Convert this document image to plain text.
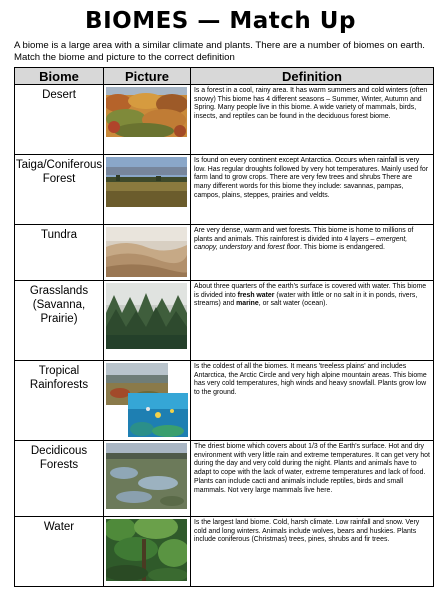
BIOMES — Match Up
A biome is a large area with a similar climate and plants. There are a number of biomes on earth. Match the biome and picture to the correct definition
Biome	Picture	Definition
Desert		Is a forest in a cool, rainy area. It has warm summers and cold winters (often snowy) This biome has 4 different seasons – Summer, Winter, Autumn and Spring. Many people live in this biome. A wide variety of mammals, birds, insects, and reptiles can be found in the deciduous forest biome.
Taiga/Coniferous Forest		Is found on every continent except Antarctica. Occurs when rainfall is very low. Has regular droughts followed by very hot temperatures. Mainly used for farm land to grow crops. There are very few trees and shrubs There are many different words for this biome they include: savannas, pampas, campos, plains, steppes, prairies and veldts.
Tundra		Are very dense, warm and wet forests. This biome is home to millions of plants and animals. This rainforest is divided into 4 layers – emergent, canopy, understory and forest floor. This biome is endangered.
Grasslands (Savanna, Prairie)		About three quarters of the earth's surface is covered with water. This biome is divided into fresh water (water with little or no salt in it in ponds, rivers, streams) and marine, or salt water (ocean).
Tropical Rainforests		Is the coldest of all the biomes. It means 'treeless plains' and includes Antarctica, the Arctic Circle and very high alpine mountain areas. This biome has very cold temperatures, high winds and heavy snowfall. Plants grow low to the ground.
Decidicous Forests		The driest biome which covers about 1/3 of the Earth's surface. Hot and dry environment with very little rain and extreme temperatures. It can get very hot during the day and very cold during the night. Plants and animals have to adapt to cope with the lack of water, extreme temperatures and lack of food. Plants can include cacti and animals include reptiles, birds and small mammals. Not very large mammals live here.
Water		Is the largest land biome. Cold, harsh climate. Low rainfall and snow. Very cold and long winters. Animals include wolves, bears and huskies. Plants include coniferous (Christmas) trees, pines, shrubs and fir trees.
